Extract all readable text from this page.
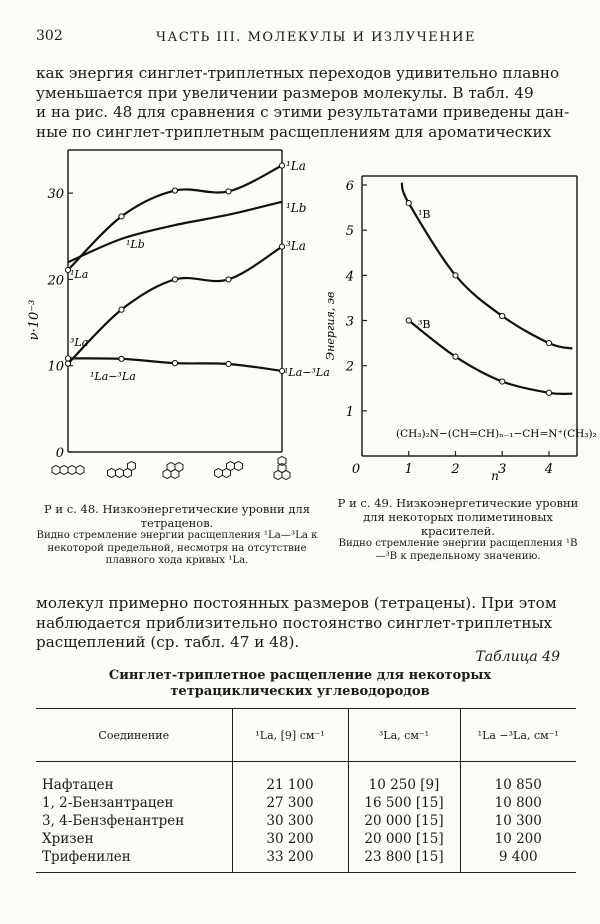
302	ЧАСТЬ III. МОЛЕКУЛЫ И ИЗЛУЧЕНИЕ
как энергия синглет-триплетных переходов удивительно плавно
уменьшается при увеличении размеров молекулы. В табл. 49
и на рис. 48 для сравнения с этими результатами приведены дан-
ные по синглет-триплетным расщеплениям для ароматических
0
10
20
30
ν·10⁻³
¹La
¹Lb
³La
¹La−³La
¹La
¹Lb
³La
¹La−³La
Р и с. 48. Низкоэнергетические уровни для тетраценов.
Видно стремление энергии расщепления ¹La—³La к некоторой предельной, несмотря на отсутствие плавного хода кривых ¹La.
1
2
3
4
5
6
0	1	2	3	4
Энергия, эв
n
¹B
³B
(CH₃)₂N−(CH=CH)ₙ₋₁−CH=N⁺(CH₃)₂
Р и с. 49. Низкоэнергетические уровни для некоторых полиметиновых красителей.
Видно стремление энергии расщепления ¹B—³B к предельному значению.
молекул примерно постоянных размеров (тетрацены). При этом
наблюдается приблизительно постоянство синглет-триплетных
расщеплений (ср. табл. 47 и 48).
Таблица 49
Синглет-триплетное расщепление для некоторых тетрациклических углеводородов
Соединение	¹La, [9] см⁻¹	³La, см⁻¹	¹La −³La, см⁻¹
Нафтацен	21 100	10 250 [9]	10 850
1, 2-Бензантрацен	27 300	16 500 [15]	10 800
3, 4-Бензфенантрен	30 300	20 000 [15]	10 300
Хризен	30 200	20 000 [15]	10 200
Трифенилен	33 200	23 800 [15]	9 400
